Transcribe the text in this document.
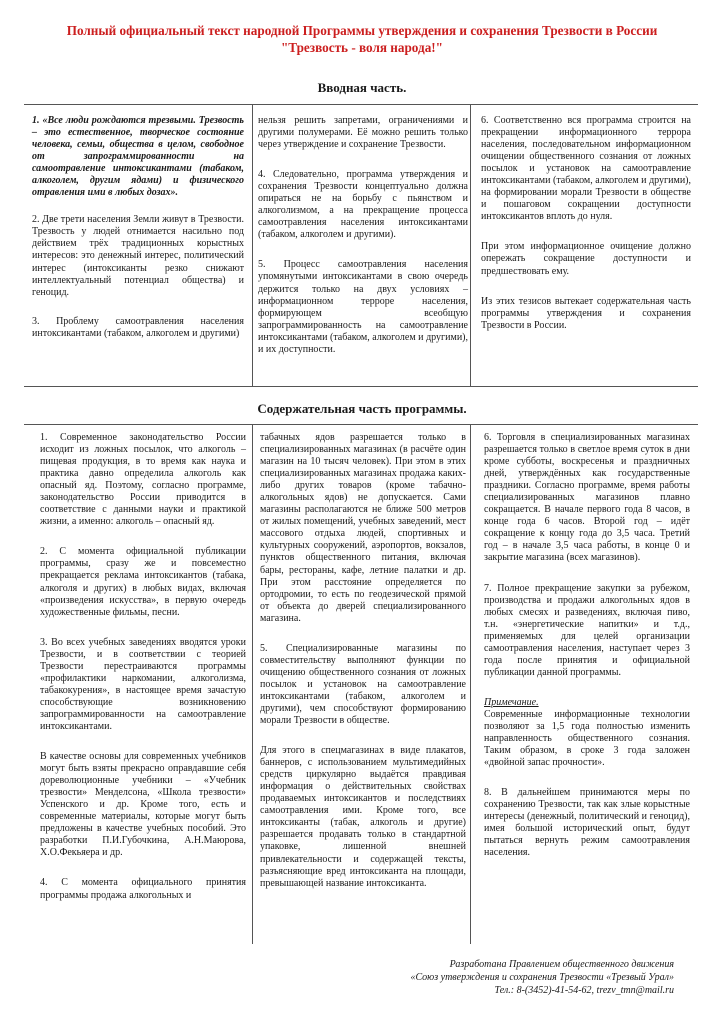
Полный официальный текст народной Программы утверждения и сохранения Трезвости в России
"Трезвость - воля народа!"
Вводная часть.

1. «Все люди рождаются трезвыми. Трезвость – это естественное, творческое состояние человека, семьи, общества в целом, свободное от запрограммированности на самоотравление интоксикантами (табаком, алкоголем, другим ядами) и физического отравления ими в любых дозах».

2. Две трети населения Земли живут в Трезвости. Трезвость у людей отнимается насильно под действием трёх традиционных корыстных интересов: это денежный интерес, политический интерес (интоксиканты резко снижают интеллектуальный потенциал общества) и геноцид.

3. Проблему самоотравления населения интоксикантами (табаком, алкоголем и другими)

нельзя решить запретами, ограничениями и другими полумерами. Её можно решить только через утверждение и сохранение Трезвости.

4. Следовательно, программа утверждения и сохранения Трезвости концептуально должна опираться не на борьбу с пьянством и алкоголизмом, а на прекращение процесса самоотравления населения интоксикантами (табаком, алкоголем и другими).

5. Процесс самоотравления населения упомянутыми интоксикантами в свою очередь держится только на двух условиях – информационном терроре населения, формирующем всеобщую запрограммированность на самоотравление интоксикантами (табаком, алкоголем и другими), и их доступности.

6. Соответственно вся программа строится на прекращении информационного террора населения, последовательном информационном очищении общественного сознания от ложных посылок и установок на самоотравление интоксикантами (табаком, алкоголем и другими), на формировании морали Трезвости в обществе и пошаговом сокращении доступности интоксикантов вплоть до нуля.

При этом информационное очищение должно опережать сокращение доступности и предшествовать ему.

Из этих тезисов вытекает содержательная часть программы утверждения и сохранения Трезвости в России.

Содержательная часть программы.

1. Современное законодательство России исходит из ложных посылок, что алкоголь – пищевая продукция, в то время как наука и практика давно определила алкоголь как опасный яд. Поэтому, согласно программе, законодательство России приводится в соответствие с данными науки и практикой жизни, а именно: алкоголь – опасный яд.

2. С момента официальной публикации программы, сразу же и повсеместно прекращается реклама интоксикантов (табака, алкоголя и других) в любых видах, включая «произведения искусства», в первую очередь художественные фильмы, песни.

3. Во всех учебных заведениях вводятся уроки Трезвости, и в соответствии с теорией Трезвости перестраиваются программы «профилактики наркомании, алкоголизма, табакокурения», в настоящее время зачастую способствующие возникновению запрограммированности на самоотравление интоксикантами.

В качестве основы для современных учебников могут быть взяты прекрасно оправдавшие себя дореволюционные учебники – «Учебник трезвости» Менделсона, «Школа трезвости» Успенского и др. Кроме того, есть и современные материалы, которые могут быть предложены в качестве учебных пособий. Это разработки П.И.Губочкина, А.Н.Маюрова, Х.О.Фекьяера и др.

4. С момента официального принятия программы продажа алкогольных и

табачных ядов разрешается только в специализированных магазинах (в расчёте один магазин на 10 тысяч человек). При этом в этих специализированных магазинах продажа каких-либо других товаров (кроме табачно-алкогольных ядов) не допускается. Сами магазины располагаются не ближе 500 метров от жилых помещений, учебных заведений, мест массового отдыха людей, спортивных и культурных сооружений, аэропортов, вокзалов, пунктов общественного питания, включая бары, рестораны, кафе, летние палатки и др. При этом расстояние определяется по ортодромии, то есть по геодезической прямой от объекта до дверей специализированного магазина.

5. Специализированные магазины по совместительству выполняют функции по очищению общественного сознания от ложных посылок и установок на самоотравление интоксикантами (табаком, алкоголем и другими), чем способствуют формированию морали Трезвости в обществе.

Для этого в спецмагазинах в виде плакатов, баннеров, с использованием мультимедийных средств циркулярно выдаётся правдивая информация о действительных свойствах продаваемых интоксикантов и последствиях самоотравления ими. Кроме того, все интоксиканты (табак, алкоголь и другие) разрешается продавать только в стандартной упаковке, лишенной внешней привлекательности и содержащей тексты, разъясняющие вред интоксиканта на площади, превышающей название интоксиканта.

6. Торговля в специализированных магазинах разрешается только в светлое время суток в дни кроме субботы, воскресенья и праздничных дней, утверждённых как государственные праздники. Согласно программе, время работы специализированных магазинов плавно сокращается. В начале первого года 8 часов, в конце года 6 часов. Второй год – идёт сокращение к концу года до 3,5 часа. Третий год – в начале 3,5 часа работы, в конце 0 и закрытие магазина (всех магазинов).

7. Полное прекращение закупки за рубежом, производства и продажи алкогольных ядов в любых смесях и разведениях, включая пиво, т.н. «энергетические напитки» и т.д., применяемых для целей организации самоотравления населения, наступает через 3 года после принятия и официальной публикации данной программы.

Примечание.

Современные информационные технологии позволяют за 1,5 года полностью изменить направленность общественного сознания. Таким образом, в сроке 3 года заложен «двойной запас прочности».

8. В дальнейшем принимаются меры по сохранению Трезвости, так как злые корыстные интересы (денежный, политический и геноцид), имея большой исторический опыт, будут пытаться вернуть режим самоотравления населения.

Разработана Правлением общественного движения
«Союз утверждения и сохранения Трезвости «Трезвый Урал»
Тел.: 8-(3452)-41-54-62, trezv_tmn@mail.ru
